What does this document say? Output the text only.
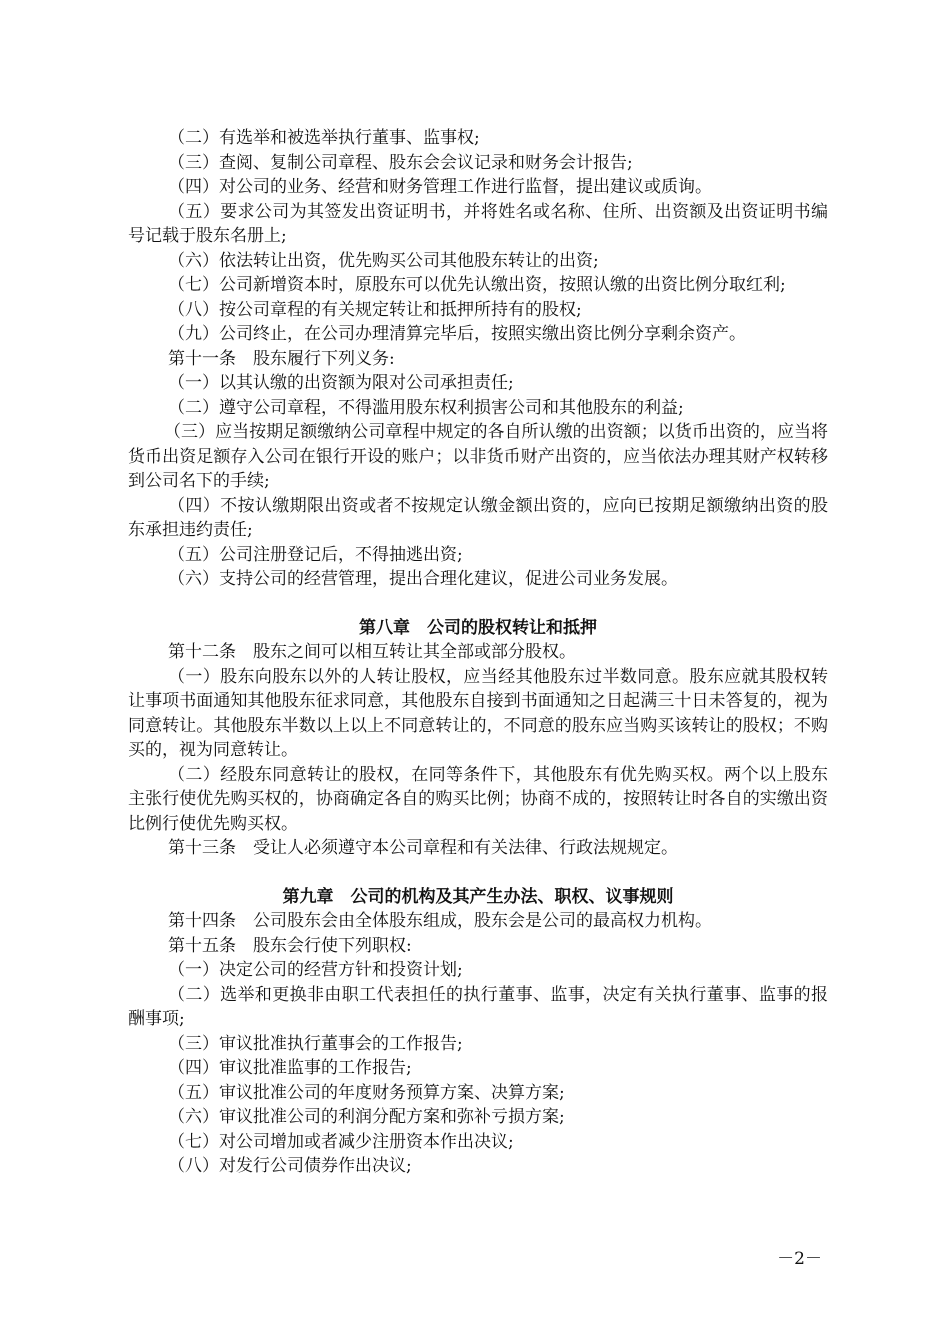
（二）有选举和被选举执行董事、监事权;

（三）查阅、复制公司章程、股东会会议记录和财务会计报告;

（四）对公司的业务、经营和财务管理工作进行监督，提出建议或质询。

（五）要求公司为其签发出资证明书，并将姓名或名称、住所、出资额及出资证明书编号记载于股东名册上;

（六）依法转让出资，优先购买公司其他股东转让的出资;

（七）公司新增资本时，原股东可以优先认缴出资，按照认缴的出资比例分取红利;

（八）按公司章程的有关规定转让和抵押所持有的股权;

（九）公司终止，在公司办理清算完毕后，按照实缴出资比例分享剩余资产。

第十一条　股东履行下列义务:

（一）以其认缴的出资额为限对公司承担责任;

（二）遵守公司章程，不得滥用股东权利损害公司和其他股东的利益;

（三）应当按期足额缴纳公司章程中规定的各自所认缴的出资额；以货币出资的，应当将货币出资足额存入公司在银行开设的账户；以非货币财产出资的，应当依法办理其财产权转移到公司名下的手续;

（四）不按认缴期限出资或者不按规定认缴金额出资的，应向已按期足额缴纳出资的股东承担违约责任;

（五）公司注册登记后，不得抽逃出资;

（六）支持公司的经营管理，提出合理化建议，促进公司业务发展。

第八章　公司的股权转让和抵押

第十二条　股东之间可以相互转让其全部或部分股权。

（一）股东向股东以外的人转让股权，应当经其他股东过半数同意。股东应就其股权转让事项书面通知其他股东征求同意，其他股东自接到书面通知之日起满三十日未答复的，视为同意转让。其他股东半数以上以上不同意转让的，不同意的股东应当购买该转让的股权；不购买的，视为同意转让。

（二）经股东同意转让的股权，在同等条件下，其他股东有优先购买权。两个以上股东主张行使优先购买权的，协商确定各自的购买比例；协商不成的，按照转让时各自的实缴出资比例行使优先购买权。

第十三条　受让人必须遵守本公司章程和有关法律、行政法规规定。

第九章　公司的机构及其产生办法、职权、议事规则

第十四条　公司股东会由全体股东组成，股东会是公司的最高权力机构。

第十五条　股东会行使下列职权:

（一）决定公司的经营方针和投资计划;

（二）选举和更换非由职工代表担任的执行董事、监事，决定有关执行董事、监事的报酬事项;

（三）审议批准执行董事会的工作报告;

（四）审议批准监事的工作报告;

（五）审议批准公司的年度财务预算方案、决算方案;

（六）审议批准公司的利润分配方案和弥补亏损方案;

（七）对公司增加或者减少注册资本作出决议;

（八）对发行公司债券作出决议;

－2－
